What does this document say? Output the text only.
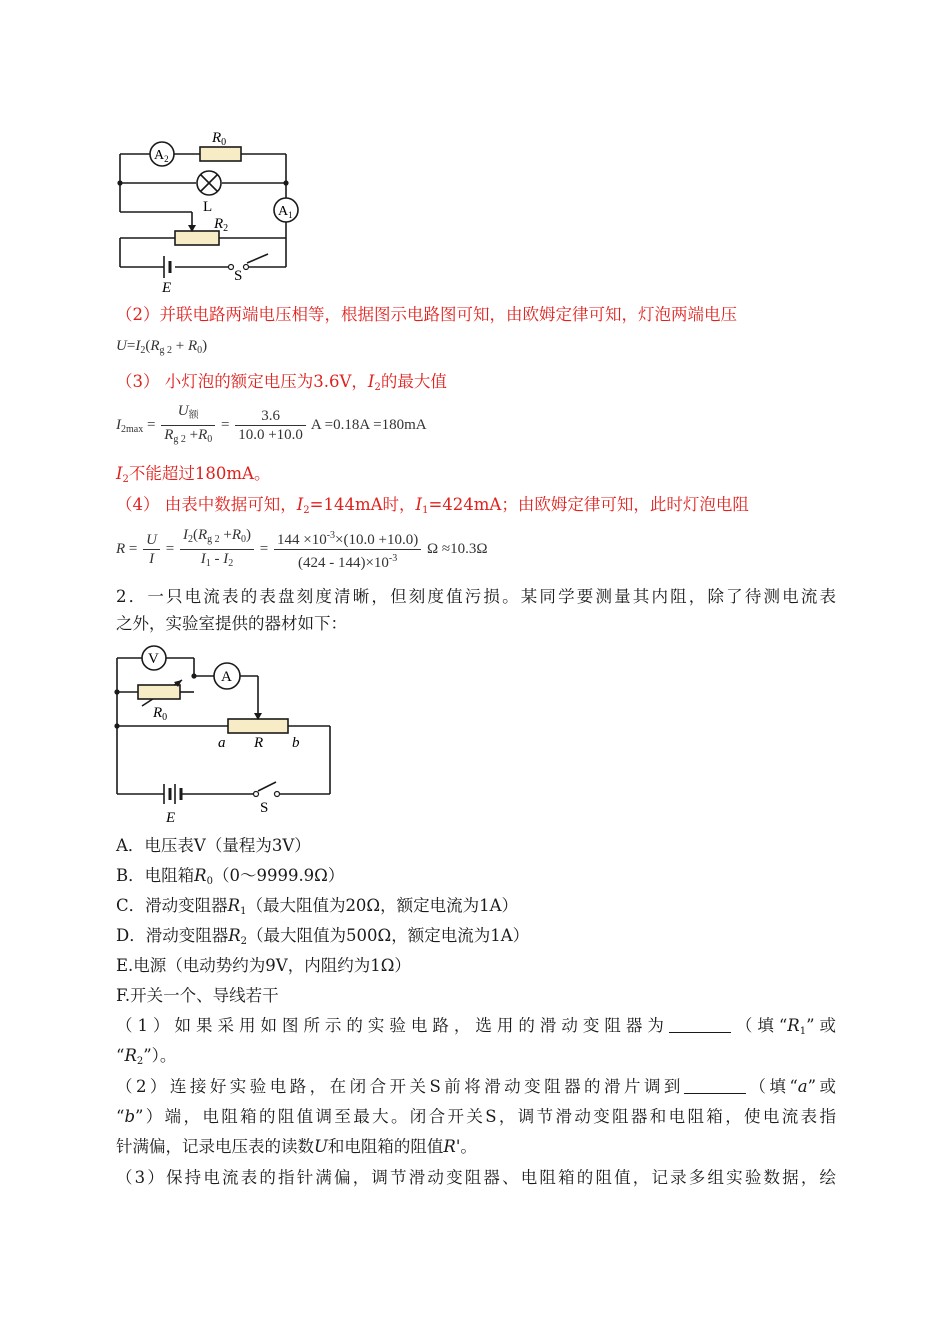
$A_2$
$R_0$
L	$A_1$
$R_2$
E
S
（2）并联电路两端电压相等，根据图示电路图可知，由欧姆定律可知，灯泡两端电压
$U=I_2(R_{g 2} + R_0)$
（3） 小灯泡的额定电压为3.6V，$I_2$的最大值
$I_{2max} = \frac{U_额}{R_{g 2} +R_0} = \frac{3.6}{10.0 +10.0}$ A =0.18A =180mA
$I_2$不能超过180mA。
（4） 由表中数据可知，$I_2=144mA$时，$I_1=424mA$；由欧姆定律可知，此时灯泡电阻
$R = \frac{U}{I} = \frac{I_2(R_{g 2} +R_0)}{I_1 - I_2} = \frac{144 \times 10^{-3}\times(10.0 +10.0)}{(424 - 144)\times 10^{-3}}$ Ω ≈10.3Ω
2．一只电流表的表盘刻度清晰，但刻度值污损。某同学要测量其内阻，除了待测电流表
之外，实验室提供的器材如下：
V
A
$R_0$
a R b
E
S
A．电压表V（量程为3V）
B．电阻箱$R_0(0\sim 9999.9\Omega)$
C．滑动变阻器$R_1$（最大阻值为20Ω，额定电流为1A）
D．滑动变阻器$R_2$（最大阻值为500Ω，额定电流为1A）
E.电源（电动势约为9V，内阻约为1Ω）
F.开关一个、导线若干
（1）如果采用如图所示的实验电路，选用的滑动变阻器为	（填“$R_1$”或
“$R_2$”）。
（2）连接好实验电路，在闭合开关S前将滑动变阻器的滑片调到	（填“a”或
“b”）端，电阻箱的阻值调至最大。闭合开关S，调节滑动变阻器和电阻箱，使电流表指
针满偏，记录电压表的读数U和电阻箱的阻值R'。
（3）保持电流表的指针满偏，调节滑动变阻器、电阻箱的阻值，记录多组实验数据，绘
